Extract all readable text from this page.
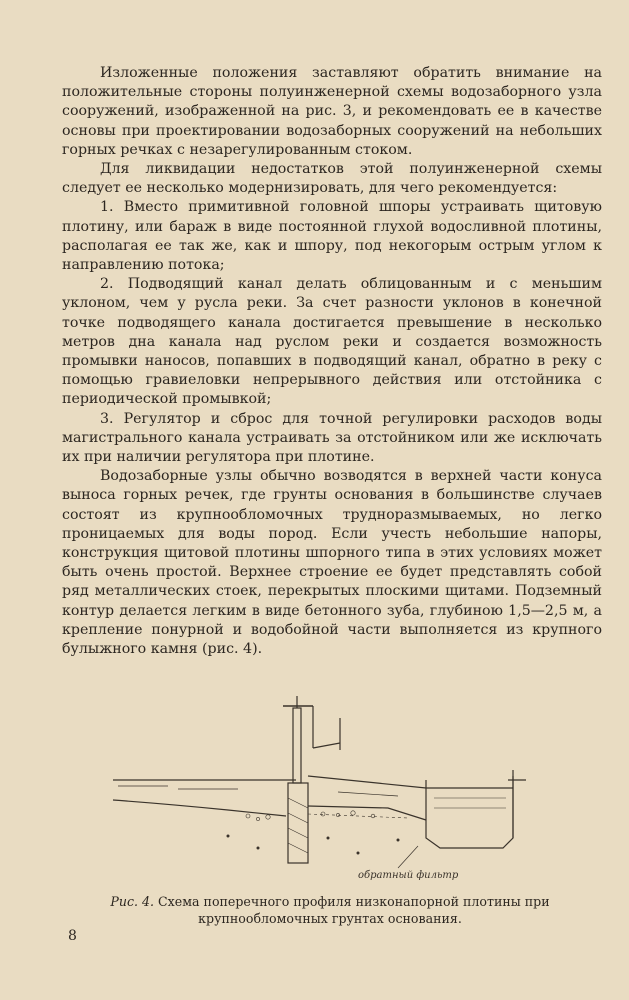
Изложенные положения заставляют обратить внимание на положительные стороны полуинженерной схемы водозаборного узла сооружений, изображенной на рис. 3, и рекомендовать ее в качестве основы при проектировании водозаборных сооружений на небольших горных речках с незарегулированным стоком.

Для ликвидации недостатков этой полуинженерной схемы следует ее несколько модернизировать, для чего рекомендуется:

1. Вместо примитивной головной шпоры устраивать щитовую плотину, или бараж в виде постоянной глухой водосливной плотины, располагая ее так же, как и шпору, под некогорым острым углом к направлению потока;

2. Подводящий канал делать облицованным и с меньшим уклоном, чем у русла реки. За счет разности уклонов в конечной точке подводящего канала достигается превышение в несколько метров дна канала над руслом реки и создается возможность промывки наносов, попавших в подводящий канал, обратно в реку с помощью гравиеловки непрерывного действия или отстойника с периодической промывкой;

3. Регулятор и сброс для точной регулировки расходов воды магистрального канала устраивать за отстойником или же исключать их при наличии регулятора при плотине.

Водозаборные узлы обычно возводятся в верхней части конуса выноса горных речек, где грунты основания в большинстве случаев состоят из крупнообломочных трудноразмываемых, но легко проницаемых для воды пород. Если учесть небольшие напоры, конструкция щитовой плотины шпорного типа в этих условиях может быть очень простой. Верхнее строение ее будет представлять собой ряд металлических стоек, перекрытых плоскими щитами. Подземный контур делается легким в виде бетонного зуба, глубиною 1,5—2,5 м, а крепление понурной и водобойной части выполняется из крупного булыжного камня (рис. 4).

обратный фильтр
Рис. 4. Схема поперечного профиля низконапорной плотины при крупнообломочных грунтах основания.
8
